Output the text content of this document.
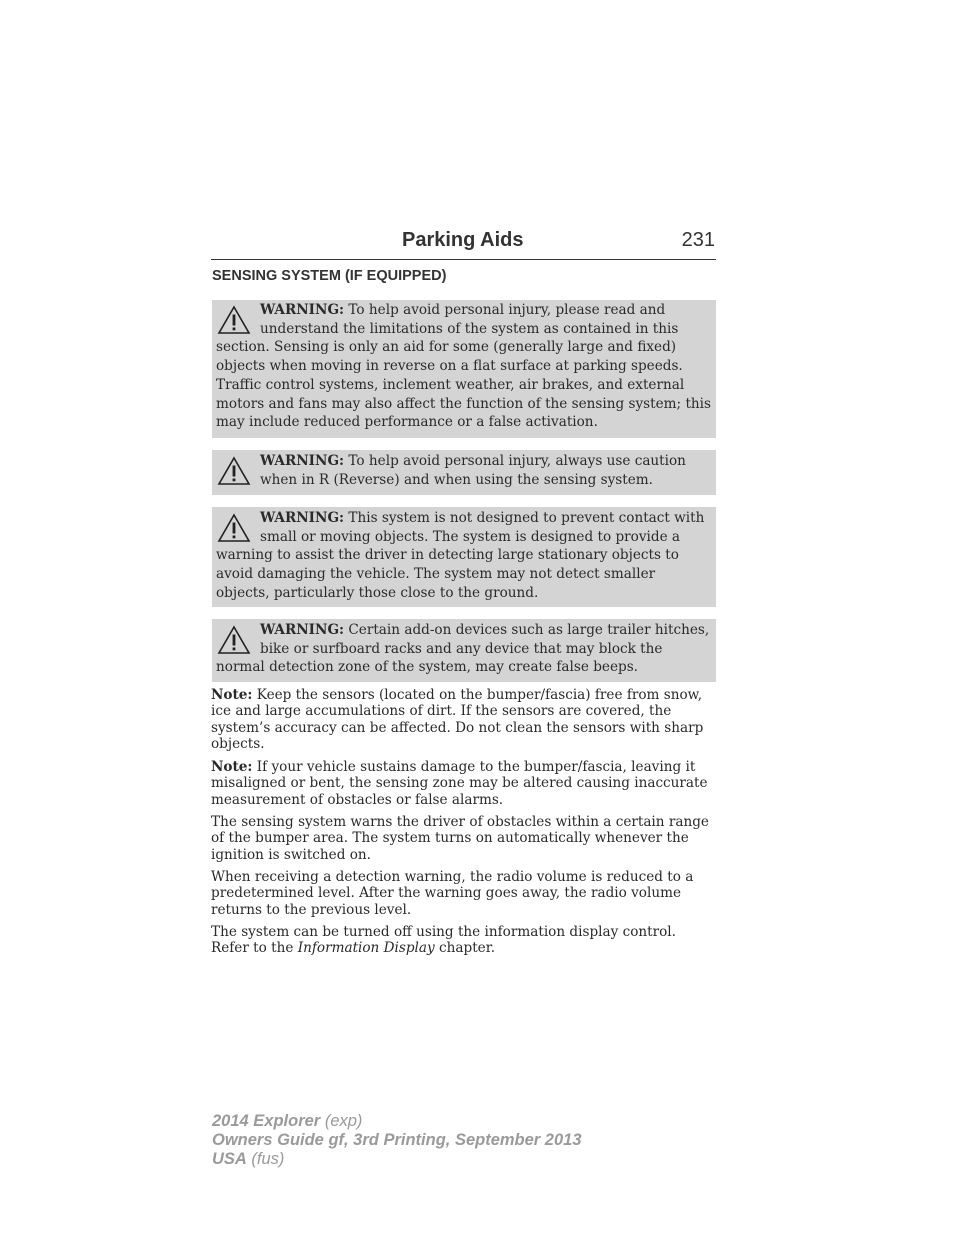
Parking Aids	231
SENSING SYSTEM (IF EQUIPPED)
WARNING: To help avoid personal injury, please read and understand the limitations of the system as contained in this section. Sensing is only an aid for some (generally large and fixed) objects when moving in reverse on a flat surface at parking speeds. Traffic control systems, inclement weather, air brakes, and external motors and fans may also affect the function of the sensing system; this may include reduced performance or a false activation.
WARNING: To help avoid personal injury, always use caution when in R (Reverse) and when using the sensing system.
WARNING: This system is not designed to prevent contact with small or moving objects. The system is designed to provide a warning to assist the driver in detecting large stationary objects to avoid damaging the vehicle. The system may not detect smaller objects, particularly those close to the ground.
WARNING: Certain add-on devices such as large trailer hitches, bike or surfboard racks and any device that may block the normal detection zone of the system, may create false beeps.
Note: Keep the sensors (located on the bumper/fascia) free from snow, ice and large accumulations of dirt. If the sensors are covered, the system’s accuracy can be affected. Do not clean the sensors with sharp objects.
Note: If your vehicle sustains damage to the bumper/fascia, leaving it misaligned or bent, the sensing zone may be altered causing inaccurate measurement of obstacles or false alarms.
The sensing system warns the driver of obstacles within a certain range of the bumper area. The system turns on automatically whenever the ignition is switched on.
When receiving a detection warning, the radio volume is reduced to a predetermined level. After the warning goes away, the radio volume returns to the previous level.
The system can be turned off using the information display control. Refer to the Information Display chapter.
2014 Explorer (exp)
Owners Guide gf, 3rd Printing, September 2013
USA (fus)
